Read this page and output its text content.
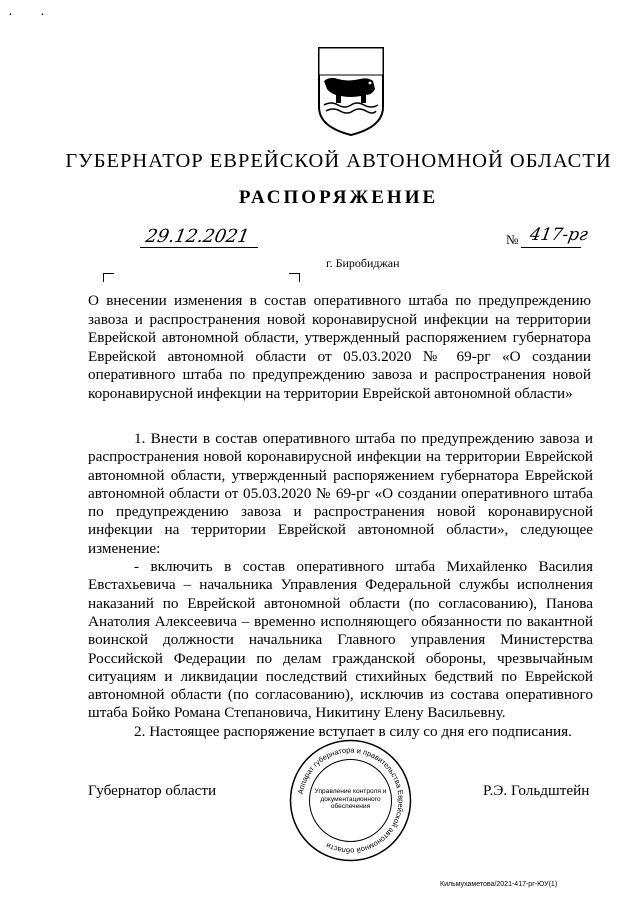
· ·
ГУБЕРНАТОР ЕВРЕЙСКОЙ АВТОНОМНОЙ ОБЛАСТИ
РАСПОРЯЖЕНИЕ
29.12.2021	№ 417-рг
г. Биробиджан
О внесении изменения в состав оперативного штаба по предупреждению завоза и распространения новой коронавирусной инфекции на территории Еврейской автономной области, утвержденный распоряжением губернатора Еврейской автономной области от 05.03.2020 № 69-рг «О создании оперативного штаба по предупреждению завоза и распространения новой коронавирусной инфекции на территории Еврейской автономной области»

1. Внести в состав оперативного штаба по предупреждению завоза и распространения новой коронавирусной инфекции на территории Еврейской автономной области, утвержденный распоряжением губернатора Еврейской автономной области от 05.03.2020 № 69-рг «О создании оперативного штаба по предупреждению завоза и распространения новой коронавирусной инфекции на территории Еврейской автономной области», следующее изменение:

- включить в состав оперативного штаба Михайленко Василия Евстахьевича – начальника Управления Федеральной службы исполнения наказаний по Еврейской автономной области (по согласованию), Панова Анатолия Алексеевича – временно исполняющего обязанности по вакантной воинской должности начальника Главного управления Министерства Российской Федерации по делам гражданской обороны, чрезвычайным ситуациям и ликвидации последствий стихийных бедствий по Еврейской автономной области (по согласованию), исключив из состава оперативного штаба Бойко Романа Степановича, Никитину Елену Васильевну.

2. Настоящее распоряжение вступает в силу со дня его подписания.

Губернатор области	Р.Э. Гольдштейн
Аппарат губернатора и правительства Еврейской автономной области
Управление контроля и документационного обеспечения
Кильмухаметова/2021-417-рг-ЮУ(1)
